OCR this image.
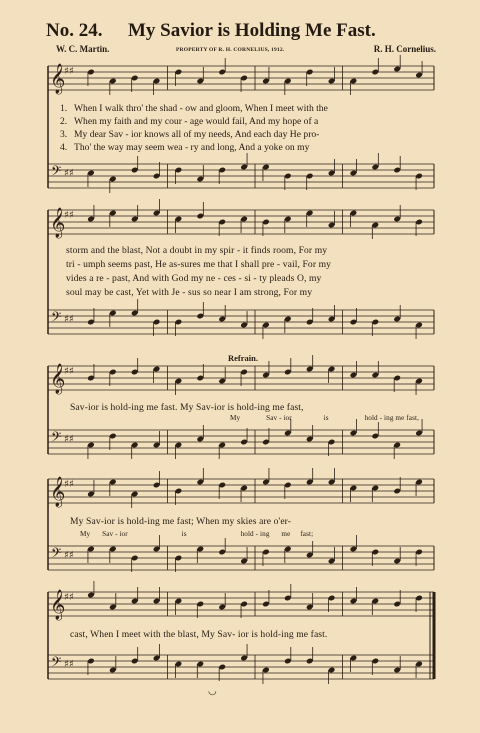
No. 24. My Savior is Holding Me Fast.
W. C. Martin.	PROPERTY OF R. H. CORNELIUS, 1912.	R. H. Cornelius.
𝄞
𝄢
♯♯
♯♯
𝄞
𝄢
♯♯
♯♯
𝄞
𝄢
♯♯
♯♯
𝄞
𝄢
♯♯
♯♯
𝄞
𝄢
♯♯
♯♯
◡
1. When I walk thro' the shad - ow and gloom, When I meet with the
2. When my faith and my cour - age would fail, And my hope of a
3. My dear Sav - ior knows all of my needs, And each day He pro-
4. Tho' the way may seem wea - ry and long, And a yoke on my
storm and the blast, Not a doubt in my spir - it finds room, For my
tri - umph seems past, He as-sures me that I shall pre - vail, For my
vides a re - past, And with God my ne - ces - si - ty pleads O, my
soul may be cast, Yet with Je - sus so near I am strong, For my
Refrain.
Sav-ior is hold-ing me fast. My Sav-ior is hold-ing me fast,
My	Sav - ior	is	hold - ing me fast,
My Sav-ior is hold-ing me fast; When my skies are o'er-
My Sav - ior	is	hold - ing me fast;
cast, When I meet with the blast, My Sav- ior is hold-ing me fast.
